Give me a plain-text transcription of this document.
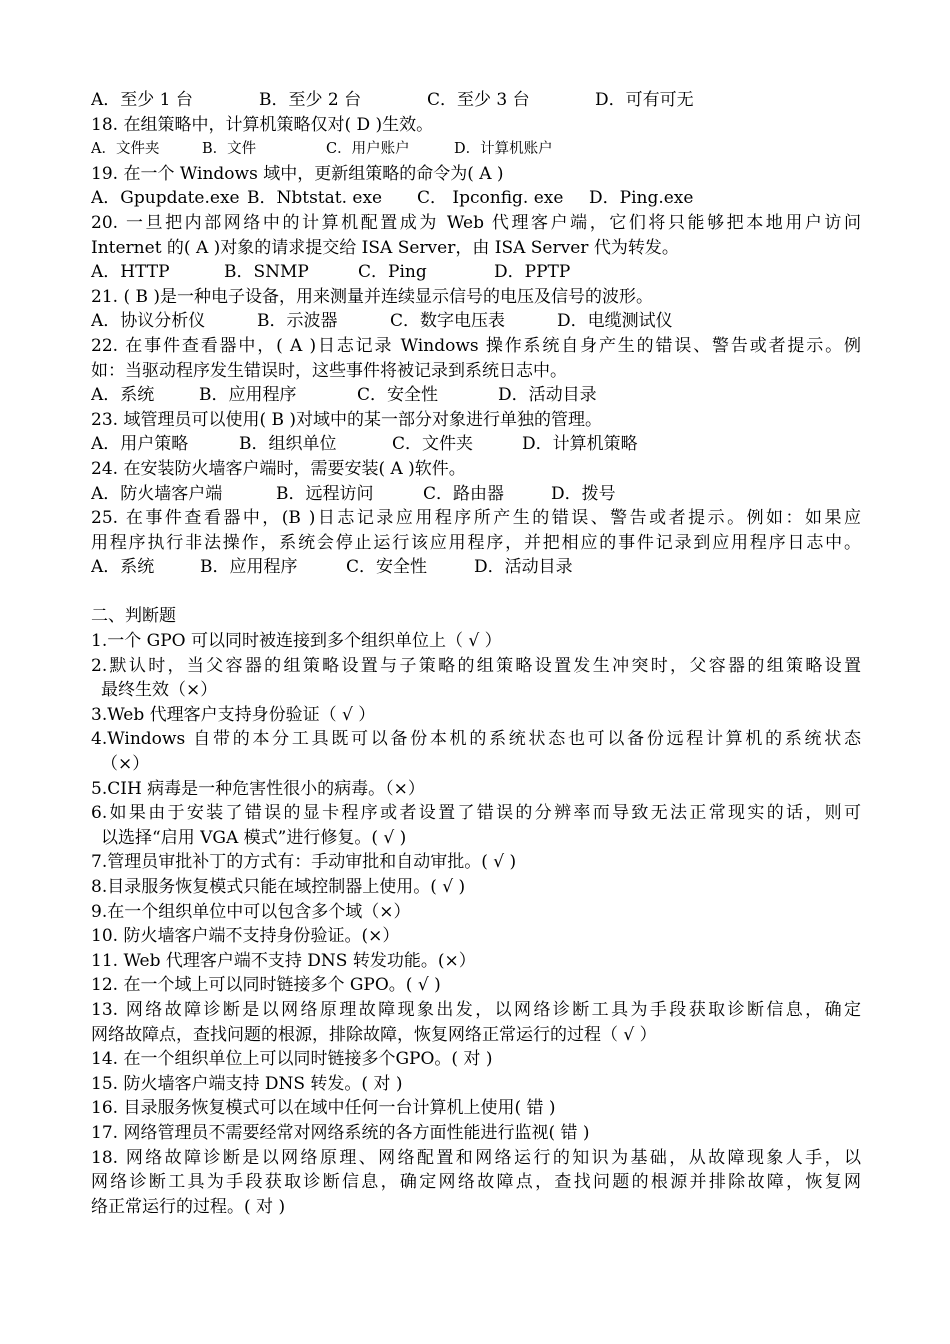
A．至少 1 台	B．至少 2 台	C．至少 3 台	D．可有可无
18. 在组策略中，计算机策略仅对( D )生效。
A．文件夹	B．文件	C．用户账户	D．计算机账户
19. 在一个 Windows 域中，更新组策略的命令为( A )
A．Gpupdate.exe B．Nbtstat. exe	C． Ipconfig. exe	D．Ping.exe
20. 一旦把内部网络中的计算机配置成为 Web 代理客户端，它们将只能够把本地用户访问
Internet 的( A )对象的请求提交给 ISA Server，由 ISA Server 代为转发。
A．HTTP	B．SNMP	C．Ping	D．PPTP
21. ( B )是一种电子设备，用来测量并连续显示信号的电压及信号的波形。
A．协议分析仪	B．示波器	C．数字电压表	D．电缆测试仪
22. 在事件查看器中，( A )日志记录 Windows 操作系统自身产生的错误、警告或者提示。例
如：当驱动程序发生错误时，这些事件将被记录到系统日志中。
A．系统	B．应用程序	C．安全性	D．活动目录
23. 域管理员可以使用( B )对域中的某一部分对象进行单独的管理。
A．用户策略	B．组织单位	C．文件夹	D．计算机策略
24. 在安装防火墙客户端时，需要安装( A )软件。
A．防火墙客户端	B．远程访问	C．路由器	D．拨号
25. 在事件查看器中，(B )日志记录应用程序所产生的错误、警告或者提示。例如：如果应
用程序执行非法操作，系统会停止运行该应用程序，并把相应的事件记录到应用程序日志中。
A．系统	B．应用程序	C．安全性	D．活动目录
二、判断题
1.一个 GPO 可以同时被连接到多个组织单位上（ √ ）
2.默认时，当父容器的组策略设置与子策略的组策略设置发生冲突时，父容器的组策略设置
最终生效（×）
3.Web 代理客户支持身份验证（ √ ）
4.Windows 自带的本分工具既可以备份本机的系统状态也可以备份远程计算机的系统状态
（×）
5.CIH 病毒是一种危害性很小的病毒。（×）
6.如果由于安装了错误的显卡程序或者设置了错误的分辨率而导致无法正常现实的话，则可
以选择“启用 VGA 模式”进行修复。( √ )
7.管理员审批补丁的方式有：手动审批和自动审批。( √ )
8.目录服务恢复模式只能在域控制器上使用。( √ )
9.在一个组织单位中可以包含多个域（×）
10. 防火墙客户端不支持身份验证。(×）
11. Web 代理客户端不支持 DNS 转发功能。(×）
12. 在一个域上可以同时链接多个 GPO。( √ )
13. 网络故障诊断是以网络原理故障现象出发，以网络诊断工具为手段获取诊断信息，确定
网络故障点，查找问题的根源，排除故障，恢复网络正常运行的过程（ √ ）
14. 在一个组织单位上可以同时链接多个GPO。( 对 )
15. 防火墙客户端支持 DNS 转发。( 对 )
16. 目录服务恢复模式可以在域中任何一台计算机上使用( 错 )
17. 网络管理员不需要经常对网络系统的各方面性能进行监视( 错 )
18. 网络故障诊断是以网络原理、网络配置和网络运行的知识为基础，从故障现象人手，以
网络诊断工具为手段获取诊断信息，确定网络故障点，查找问题的根源并排除故障，恢复网
络正常运行的过程。( 对 )
